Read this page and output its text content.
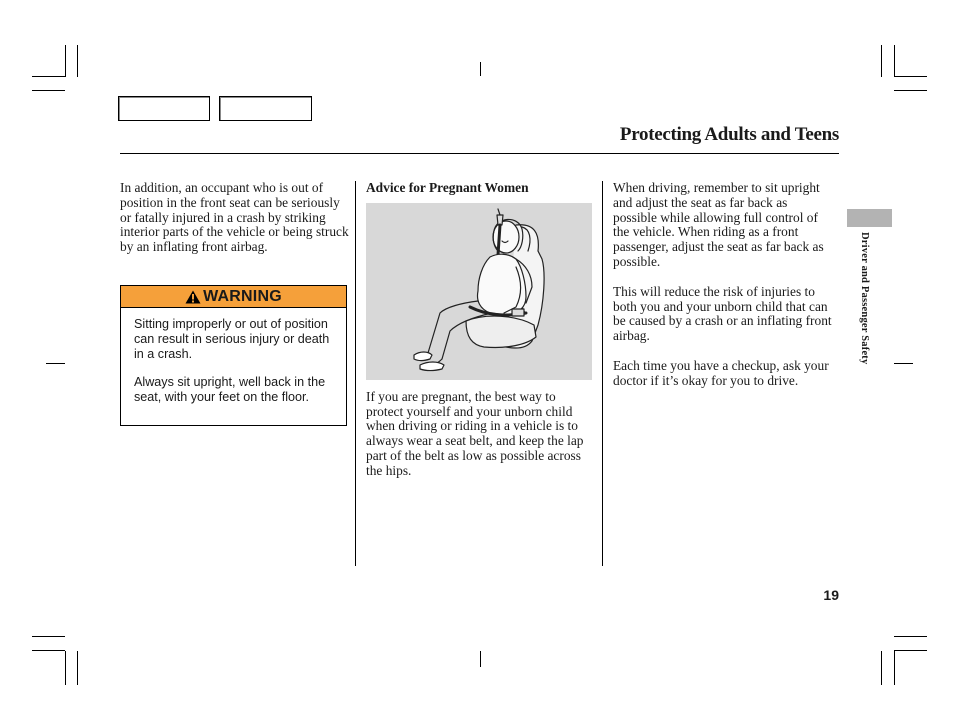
Protecting Adults and Teens

In addition, an occupant who is out of position in the front seat can be seriously or fatally injured in a crash by striking interior parts of the vehicle or being struck by an inflating front airbag.

WARNING

Sitting improperly or out of position can result in serious injury or death in a crash.

Always sit upright, well back in the seat, with your feet on the floor.

Advice for Pregnant Women

If you are pregnant, the best way to protect yourself and your unborn child when driving or riding in a vehicle is to always wear a seat belt, and keep the lap part of the belt as low as possible across the hips.

When driving, remember to sit upright and adjust the seat as far back as possible while allowing full control of the vehicle. When riding as a front passenger, adjust the seat as far back as possible.

This will reduce the risk of injuries to both you and your unborn child that can be caused by a crash or an inflating front airbag.

Each time you have a checkup, ask your doctor if it’s okay for you to drive.

Driver and Passenger Safety
19
